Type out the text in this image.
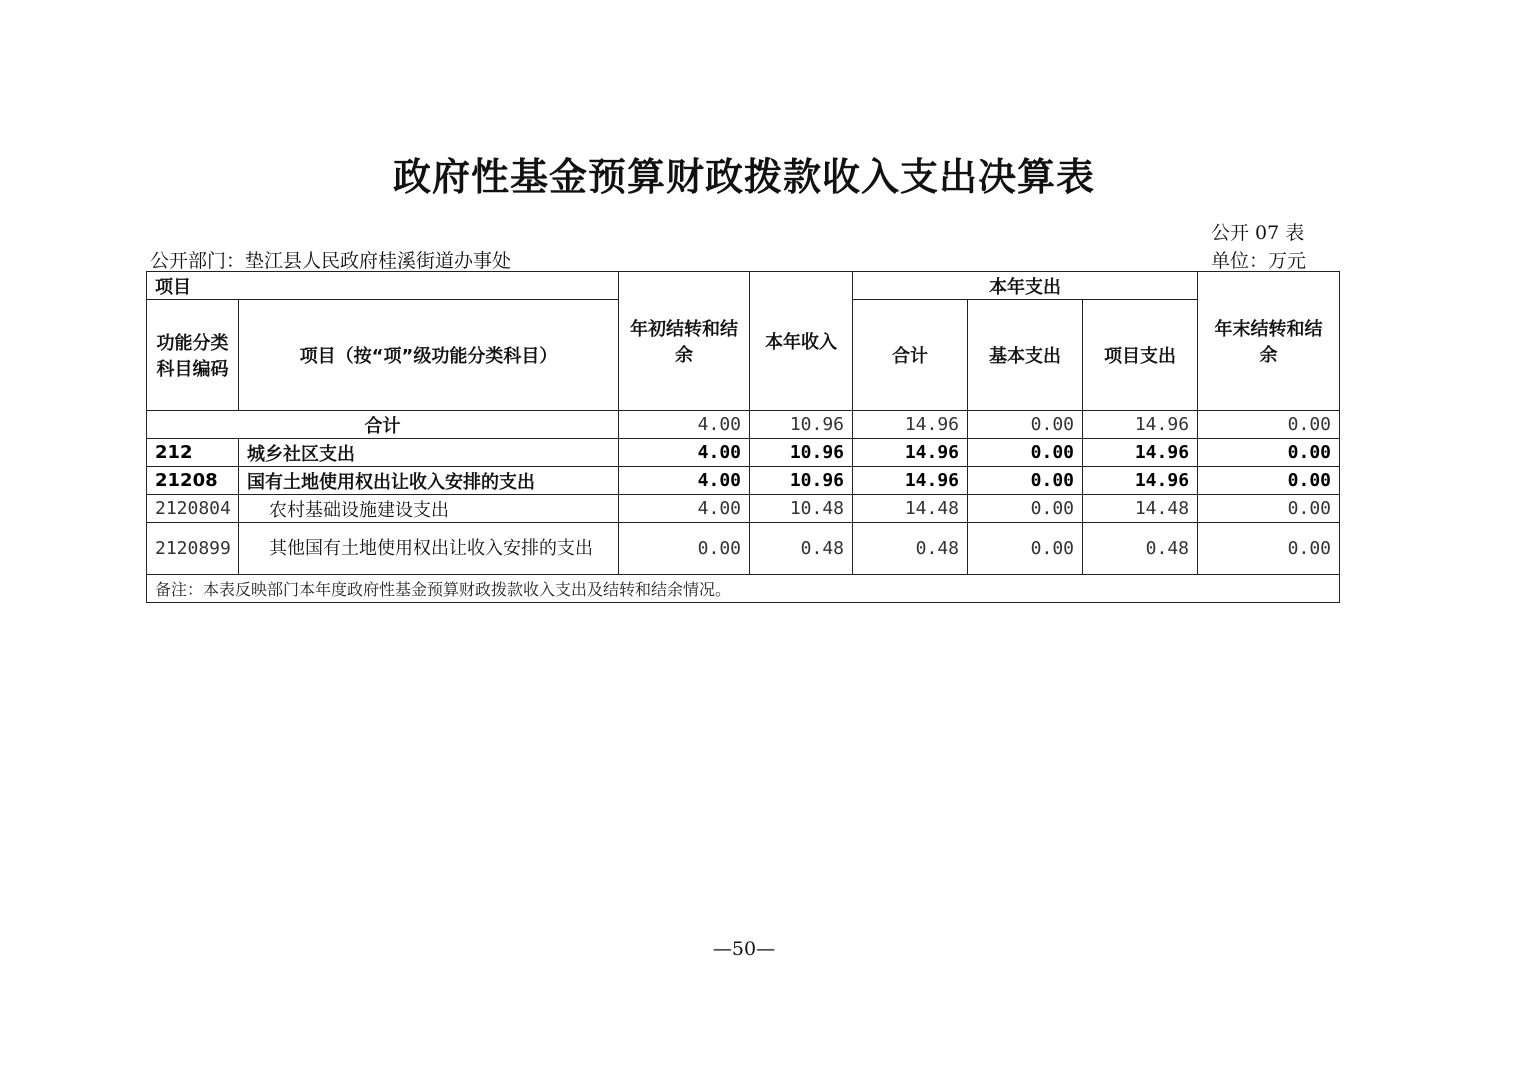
政府性基金预算财政拨款收入支出决算表
公开 07 表
公开部门：垫江县人民政府桂溪街道办事处	单位：万元
项目		年初结转和结余	本年收入	本年支出			年末结转和结余
功能分类科目编码	项目（按“项”级功能分类科目）			合计	基本支出	项目支出	
合计		4.00	10.96	14.96	0.00	14.96	0.00
212	城乡社区支出	4.00	10.96	14.96	0.00	14.96	0.00
21208	国有土地使用权出让收入安排的支出	4.00	10.96	14.96	0.00	14.96	0.00
2120804	农村基础设施建设支出	4.00	10.48	14.48	0.00	14.48	0.00
2120899	其他国有土地使用权出让收入安排的支出	0.00	0.48	0.48	0.00	0.48	0.00
备注：本表反映部门本年度政府性基金预算财政拨款收入支出及结转和结余情况。							
—50—
